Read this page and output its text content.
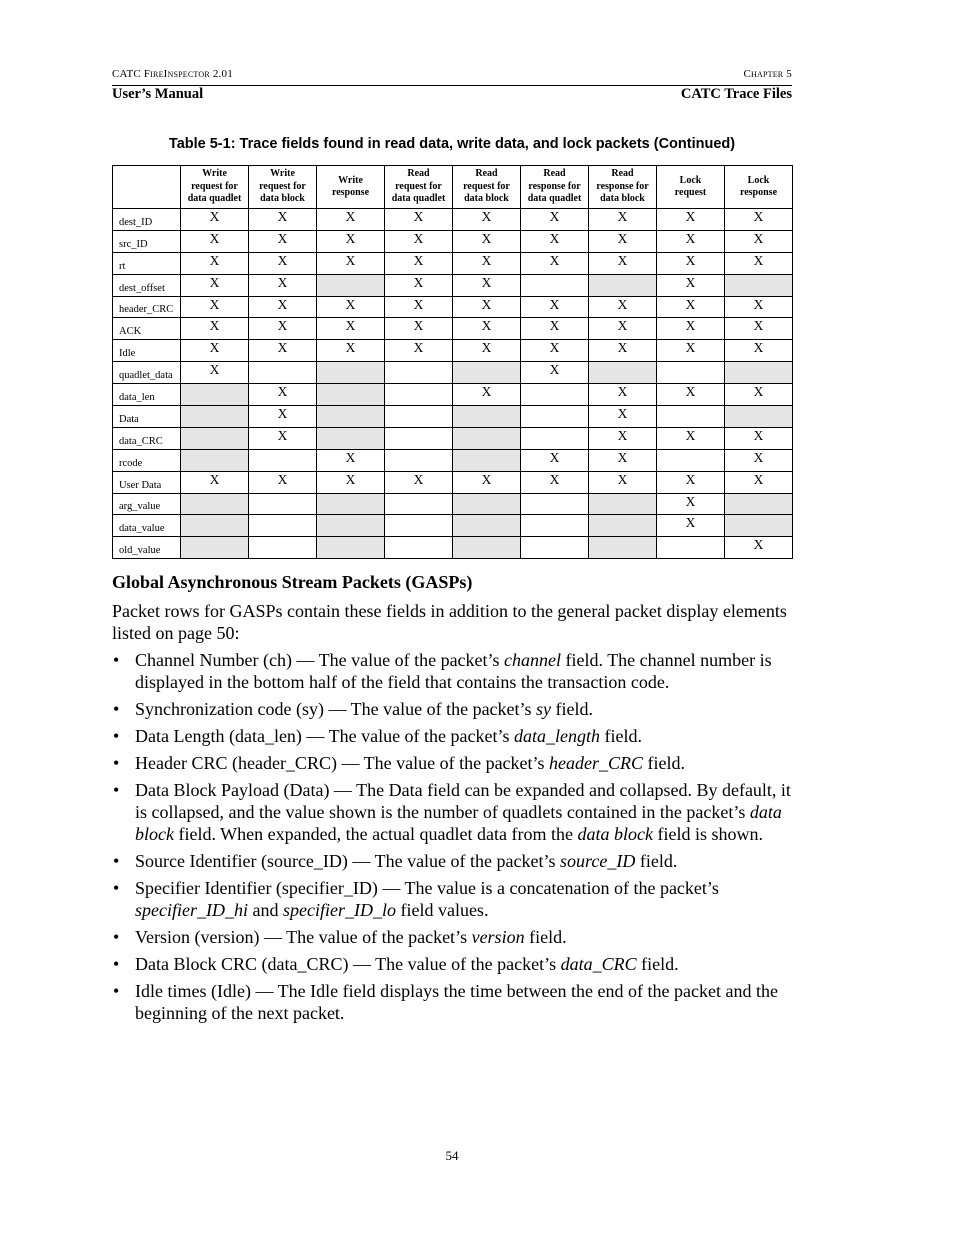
CATC FireInspector 2.01	Chapter 5
User’s Manual	CATC Trace Files
Table 5-1: Trace fields found in read data, write data, and lock packets (Continued)
	Write
request for
data quadlet	Write
request for
data block	Write
response	Read
request for
data quadlet	Read
request for
data block	Read
response for
data quadlet	Read
response for
data block	Lock
request	Lock
response
dest_ID	X	X	X	X	X	X	X	X	X
src_ID	X	X	X	X	X	X	X	X	X
rt	X	X	X	X	X	X	X	X	X
dest_offset	X	X		X	X			X	
header_CRC	X	X	X	X	X	X	X	X	X
ACK	X	X	X	X	X	X	X	X	X
Idle	X	X	X	X	X	X	X	X	X
quadlet_data	X					X			
data_len		X			X		X	X	X
Data		X					X		
data_CRC		X					X	X	X
rcode			X			X	X		X
User Data	X	X	X	X	X	X	X	X	X
arg_value								X	
data_value								X	
old_value									X
Global Asynchronous Stream Packets (GASPs)

Packet rows for GASPs contain these fields in addition to the general packet display elements listed on page 50:

• Channel Number (ch) — The value of the packet’s channel field. The channel number is displayed in the bottom half of the field that contains the transaction code.
• Synchronization code (sy) — The value of the packet’s sy field.
• Data Length (data_len) — The value of the packet’s data_length field.
• Header CRC (header_CRC) — The value of the packet’s header_CRC field.
• Data Block Payload (Data) — The Data field can be expanded and collapsed. By default, it is collapsed, and the value shown is the number of quadlets contained in the packet’s data block field. When expanded, the actual quadlet data from the data block field is shown.
• Source Identifier (source_ID) — The value of the packet’s source_ID field.
• Specifier Identifier (specifier_ID) — The value is a concatenation of the packet’s specifier_ID_hi and specifier_ID_lo field values.
• Version (version) — The value of the packet’s version field.
• Data Block CRC (data_CRC) — The value of the packet’s data_CRC field.
• Idle times (Idle) — The Idle field displays the time between the end of the packet and the beginning of the next packet.
54
